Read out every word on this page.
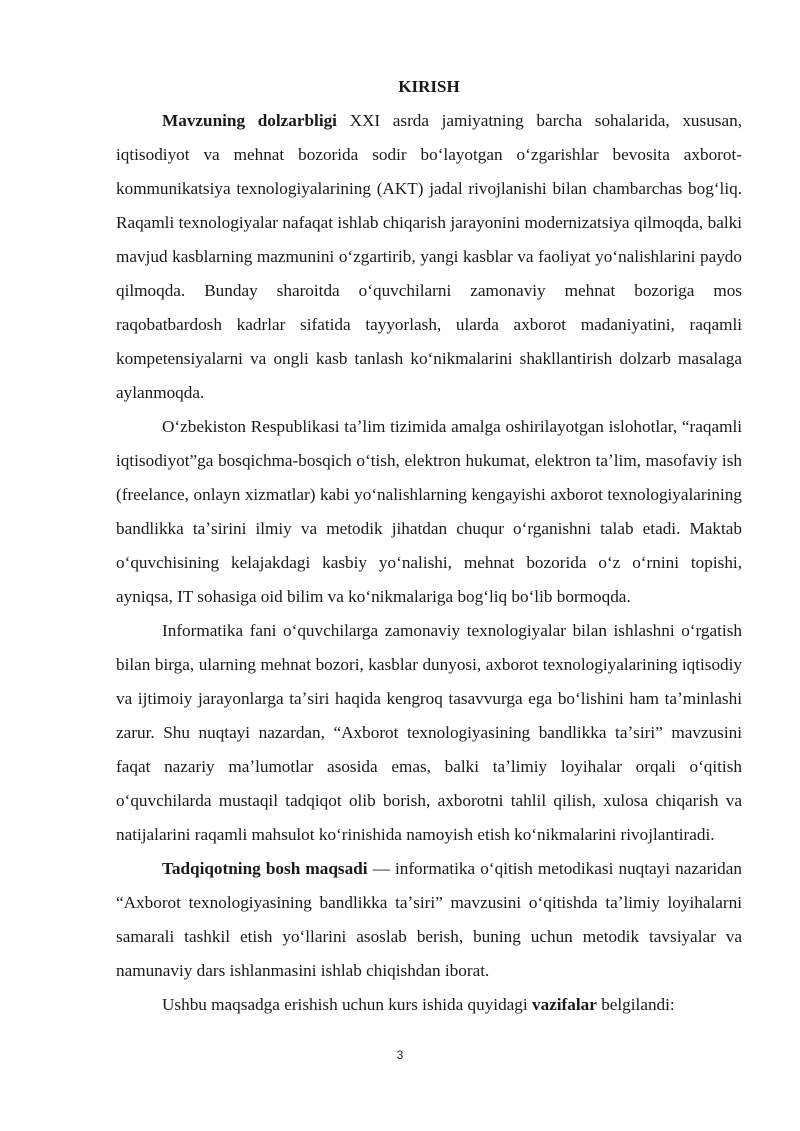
KIRISH

Mavzuning dolzarbligi XXI asrda jamiyatning barcha sohalarida, xususan, iqtisodiyot va mehnat bozorida sodir boʻlayotgan oʻzgarishlar bevosita axborot-kommunikatsiya texnologiyalarining (AKT) jadal rivojlanishi bilan chambarchas bogʻliq. Raqamli texnologiyalar nafaqat ishlab chiqarish jarayonini modernizatsiya qilmoqda, balki mavjud kasblarning mazmunini oʻzgartirib, yangi kasblar va faoliyat yoʻnalishlarini paydo qilmoqda. Bunday sharoitda oʻquvchilarni zamonaviy mehnat bozoriga mos raqobatbardosh kadrlar sifatida tayyorlash, ularda axborot madaniyatini, raqamli kompetensiyalarni va ongli kasb tanlash koʻnikmalarini shakllantirish dolzarb masalaga aylanmoqda.

Oʻzbekiston Respublikasi taʼlim tizimida amalga oshirilayotgan islohotlar, “raqamli iqtisodiyot”ga bosqichma-bosqich oʻtish, elektron hukumat, elektron taʼlim, masofaviy ish (freelance, onlayn xizmatlar) kabi yoʻnalishlarning kengayishi axborot texnologiyalarining bandlikka taʼsirini ilmiy va metodik jihatdan chuqur oʻrganishni talab etadi. Maktab oʻquvchisining kelajakdagi kasbiy yoʻnalishi, mehnat bozorida oʻz oʻrnini topishi, ayniqsa, IT sohasiga oid bilim va koʻnikmalariga bogʻliq boʻlib bormoqda.

Informatika fani oʻquvchilarga zamonaviy texnologiyalar bilan ishlashni oʻrgatish bilan birga, ularning mehnat bozori, kasblar dunyosi, axborot texnologiyalarining iqtisodiy va ijtimoiy jarayonlarga taʼsiri haqida kengroq tasavvurga ega boʻlishini ham taʼminlashi zarur. Shu nuqtayi nazardan, “Axborot texnologiyasining bandlikka taʼsiri” mavzusini faqat nazariy maʼlumotlar asosida emas, balki taʼlimiy loyihalar orqali oʻqitish oʻquvchilarda mustaqil tadqiqot olib borish, axborotni tahlil qilish, xulosa chiqarish va natijalarini raqamli mahsulot koʻrinishida namoyish etish koʻnikmalarini rivojlantiradi.

Tadqiqotning bosh maqsadi — informatika oʻqitish metodikasi nuqtayi nazaridan “Axborot texnologiyasining bandlikka taʼsiri” mavzusini oʻqitishda taʼlimiy loyihalarni samarali tashkil etish yoʻllarini asoslab berish, buning uchun metodik tavsiyalar va namunaviy dars ishlanmasini ishlab chiqishdan iborat.

Ushbu maqsadga erishish uchun kurs ishida quyidagi vazifalar belgilandi:

3
